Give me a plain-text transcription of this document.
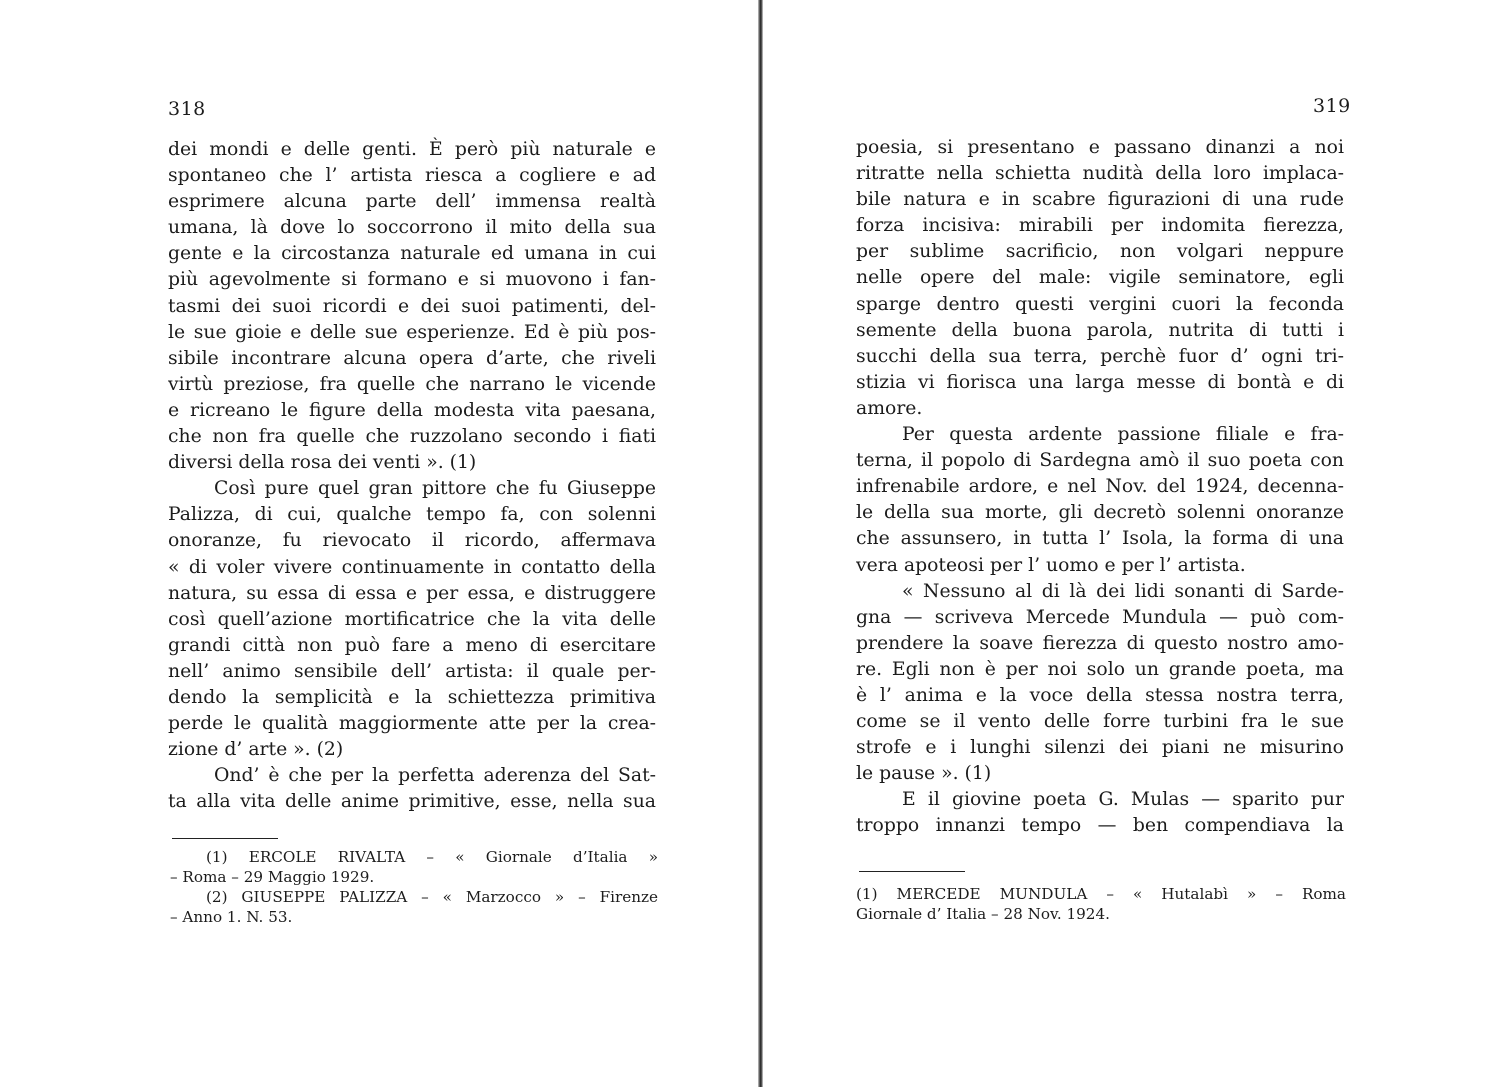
318
dei mondi e delle genti. È però più naturale e
spontaneo che l’ artista riesca a cogliere e ad
esprimere alcuna parte dell’ immensa realtà
umana, là dove lo soccorrono il mito della sua
gente e la circostanza naturale ed umana in cui
più agevolmente si formano e si muovono i fan-
tasmi dei suoi ricordi e dei suoi patimenti, del-
le sue gioie e delle sue esperienze. Ed è più pos-
sibile incontrare alcuna opera d’arte, che riveli
virtù preziose, fra quelle che narrano le vicende
e ricreano le figure della modesta vita paesana,
che non fra quelle che ruzzolano secondo i fiati
diversi della rosa dei venti ». (1)
Così pure quel gran pittore che fu Giuseppe
Palizza, di cui, qualche tempo fa, con solenni
onoranze, fu rievocato il ricordo, affermava
« di voler vivere continuamente in contatto della
natura, su essa di essa e per essa, e distruggere
così quell’azione mortificatrice che la vita delle
grandi città non può fare a meno di esercitare
nell’ animo sensibile dell’ artista: il quale per-
dendo la semplicità e la schiettezza primitiva
perde le qualità maggiormente atte per la crea-
zione d’ arte ». (2)
Ond’ è che per la perfetta aderenza del Sat-
ta alla vita delle anime primitive, esse, nella sua
(1) ERCOLE RIVALTA – « Giornale d’Italia »
– Roma – 29 Maggio 1929.
(2) GIUSEPPE PALIZZA – « Marzocco » – Firenze
– Anno 1. N. 53.
319
poesia, si presentano e passano dinanzi a noi
ritratte nella schietta nudità della loro implaca-
bile natura e in scabre figurazioni di una rude
forza incisiva: mirabili per indomita fierezza,
per sublime sacrificio, non volgari neppure
nelle opere del male: vigile seminatore, egli
sparge dentro questi vergini cuori la feconda
semente della buona parola, nutrita di tutti i
succhi della sua terra, perchè fuor d’ ogni tri-
stizia vi fiorisca una larga messe di bontà e di
amore.
Per questa ardente passione filiale e fra-
terna, il popolo di Sardegna amò il suo poeta con
infrenabile ardore, e nel Nov. del 1924, decenna-
le della sua morte, gli decretò solenni onoranze
che assunsero, in tutta l’ Isola, la forma di una
vera apoteosi per l’ uomo e per l’ artista.
« Nessuno al di là dei lidi sonanti di Sarde-
gna — scriveva Mercede Mundula — può com-
prendere la soave fierezza di questo nostro amo-
re. Egli non è per noi solo un grande poeta, ma
è l’ anima e la voce della stessa nostra terra,
come se il vento delle forre turbini fra le sue
strofe e i lunghi silenzi dei piani ne misurino
le pause ». (1)
E il giovine poeta G. Mulas — sparito pur
troppo innanzi tempo — ben compendiava la
(1) MERCEDE MUNDULA – « Hutalabì » – Roma
Giornale d’ Italia – 28 Nov. 1924.
